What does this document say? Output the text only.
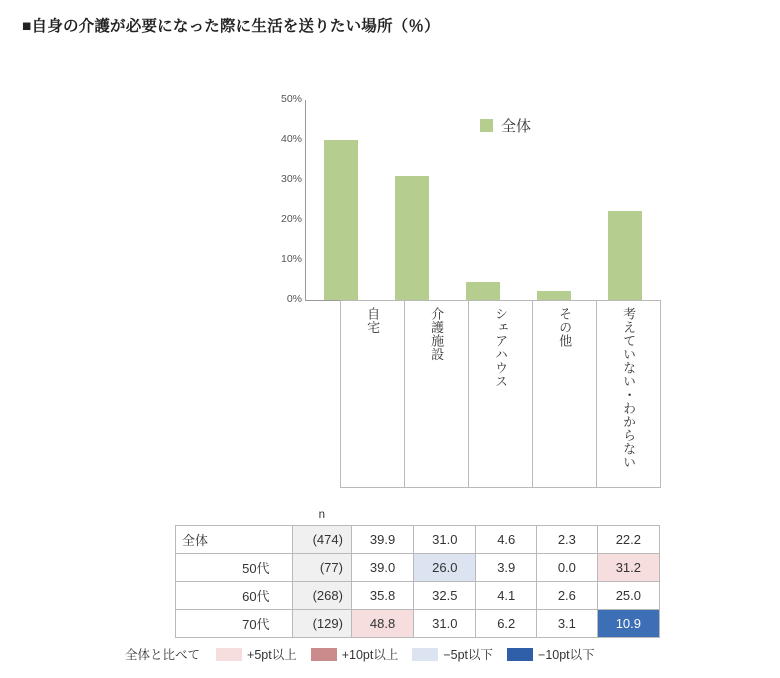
■自身の介護が必要になった際に生活を送りたい場所（％）
0%
10%
20%
30%
40%
50%
全体
自宅	介護施設	シェアハウス	その他	考えていない・わからない
		n					
全体		(474)	39.9	31.0	4.6	2.3	22.2
	50代	(77)	39.0	26.0	3.9	0.0	31.2
	60代	(268)	35.8	32.5	4.1	2.6	25.0
	70代	(129)	48.8	31.0	6.2	3.1	10.9
全体と比べて	+5pt以上	+10pt以上	−5pt以下	−10pt以下
